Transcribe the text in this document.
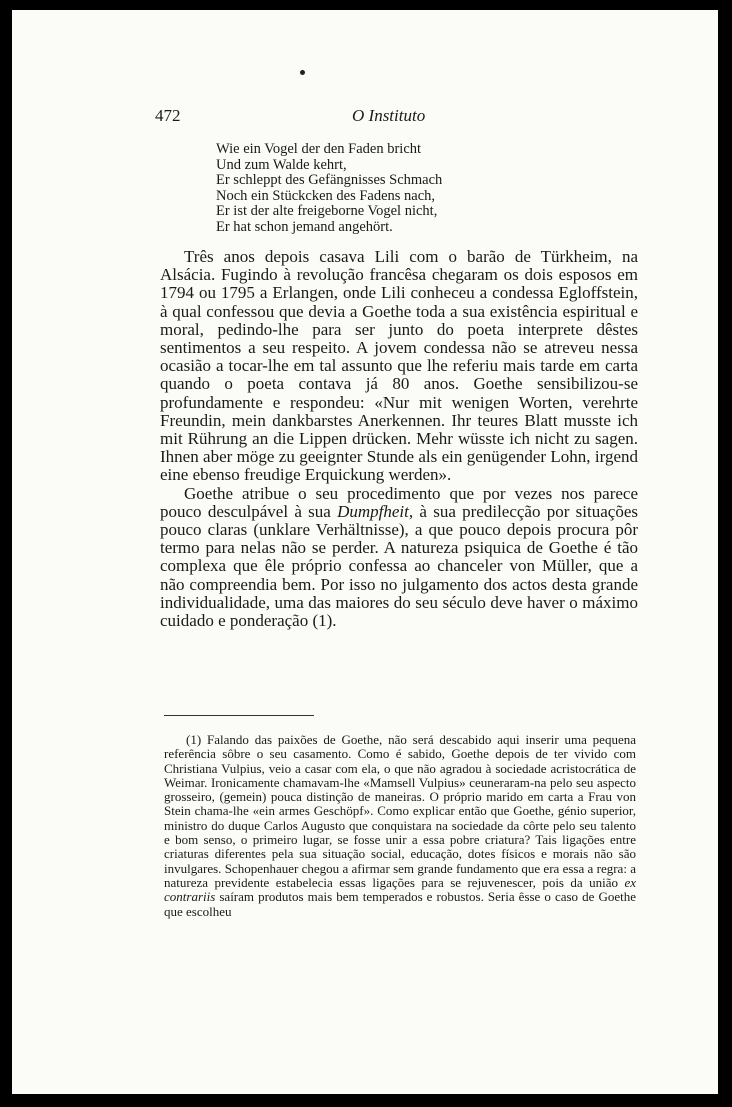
472	O Instituto
Wie ein Vogel der den Faden bricht
Und zum Walde kehrt,
Er schleppt des Gefängnisses Schmach
Noch ein Stückcken des Fadens nach,
Er ist der alte freigeborne Vogel nicht,
Er hat schon jemand angehört.

Três anos depois casava Lili com o barão de Türkheim, na Alsácia. Fugindo à revolução francêsa chegaram os dois esposos em 1794 ou 1795 a Erlangen, onde Lili conheceu a condessa Egloffstein, à qual confessou que devia a Goethe toda a sua existência espiritual e moral, pedindo-lhe para ser junto do poeta interprete dêstes sentimentos a seu respeito. A jovem condessa não se atreveu nessa ocasião a tocar-lhe em tal assunto que lhe referiu mais tarde em carta quando o poeta contava já 80 anos. Goethe sensibilizou-se profundamente e respondeu: «Nur mit wenigen Worten, verehrte Freundin, mein dankbarstes Anerkennen. Ihr teures Blatt musste ich mit Rührung an die Lippen drücken. Mehr wüsste ich nicht zu sagen. Ihnen aber möge zu geeignter Stunde als ein genügender Lohn, irgend eine ebenso freudige Erquickung werden».

Goethe atribue o seu procedimento que por vezes nos parece pouco desculpável à sua Dumpfheit, à sua predilecção por situações pouco claras (unklare Verhältnisse), a que pouco depois procura pôr termo para nelas não se perder. A natureza psiquica de Goethe é tão complexa que êle próprio confessa ao chanceler von Müller, que a não compreendia bem. Por isso no julgamento dos actos desta grande individualidade, uma das maiores do seu século deve haver o máximo cuidado e ponderação (1).

(1) Falando das paixões de Goethe, não será descabido aqui inserir uma pequena referência sôbre o seu casamento. Como é sabido, Goethe depois de ter vivido com Christiana Vulpius, veio a casar com ela, o que não agradou à sociedade acristocrática de Weimar. Ironicamente chamavam-lhe «Mamsell Vulpius» ceuneraram-na pelo seu aspecto grosseiro, (gemein) pouca distinção de maneiras. O próprio marido em carta a Frau von Stein chama-lhe «ein armes Geschöpf». Como explicar então que Goethe, génio superior, ministro do duque Carlos Augusto que conquistara na sociedade da côrte pelo seu talento e bom senso, o primeiro lugar, se fosse unir a essa pobre criatura? Tais ligações entre criaturas diferentes pela sua situação social, educação, dotes físicos e morais não são invulgares. Schopenhauer chegou a afirmar sem grande fundamento que era essa a regra: a natureza previdente estabelecia essas ligações para se rejuvenescer, pois da união ex contrariis saíram produtos mais bem temperados e robustos. Seria êsse o caso de Goethe que escolheu
